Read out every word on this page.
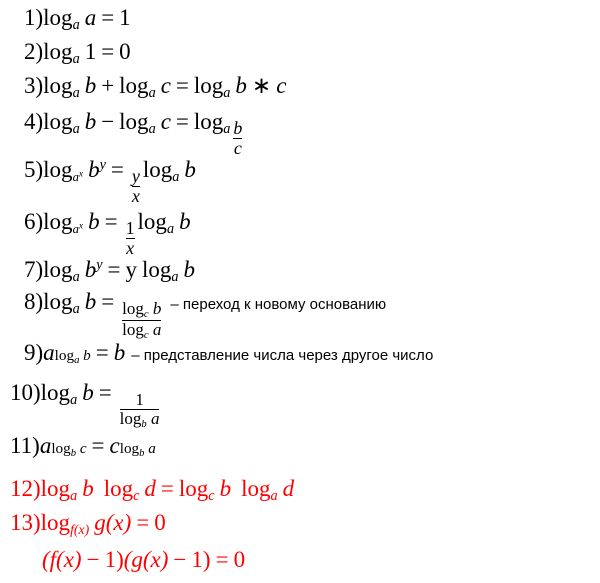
1) $\log_a a = 1$
2) $\log_a 1 = 0$
3) $\log_a b + \log_a c = \log_a b$ ∗ c
4) $\log_a b - \log_a c = \log_a \frac{b}{c}$
5) $\log_{a^x} b^y = \frac{y}{x} \log_a b$
6) $\log_{a^x} b = \frac{1}{x} \log_a b$
7) $\log_a b^y = y$ $\log_a b$
8) $\log_a b = \frac{\log_c b}{\log_c a}$ – переход к новому основанию
9) a $\log_a b = b$ – представление числа через другое число
10) $\log_a b = \frac{1}{\log_b a}$
11) a $\log_b c = c$ $\log_b a$
12) $\log_a b$ $\log_c d = \log_c b$ $\log_a d$
13) $\log_{f(x)} g$ ( x ) = 0
(f(x) − 1) (g(x) − 1) = 0
